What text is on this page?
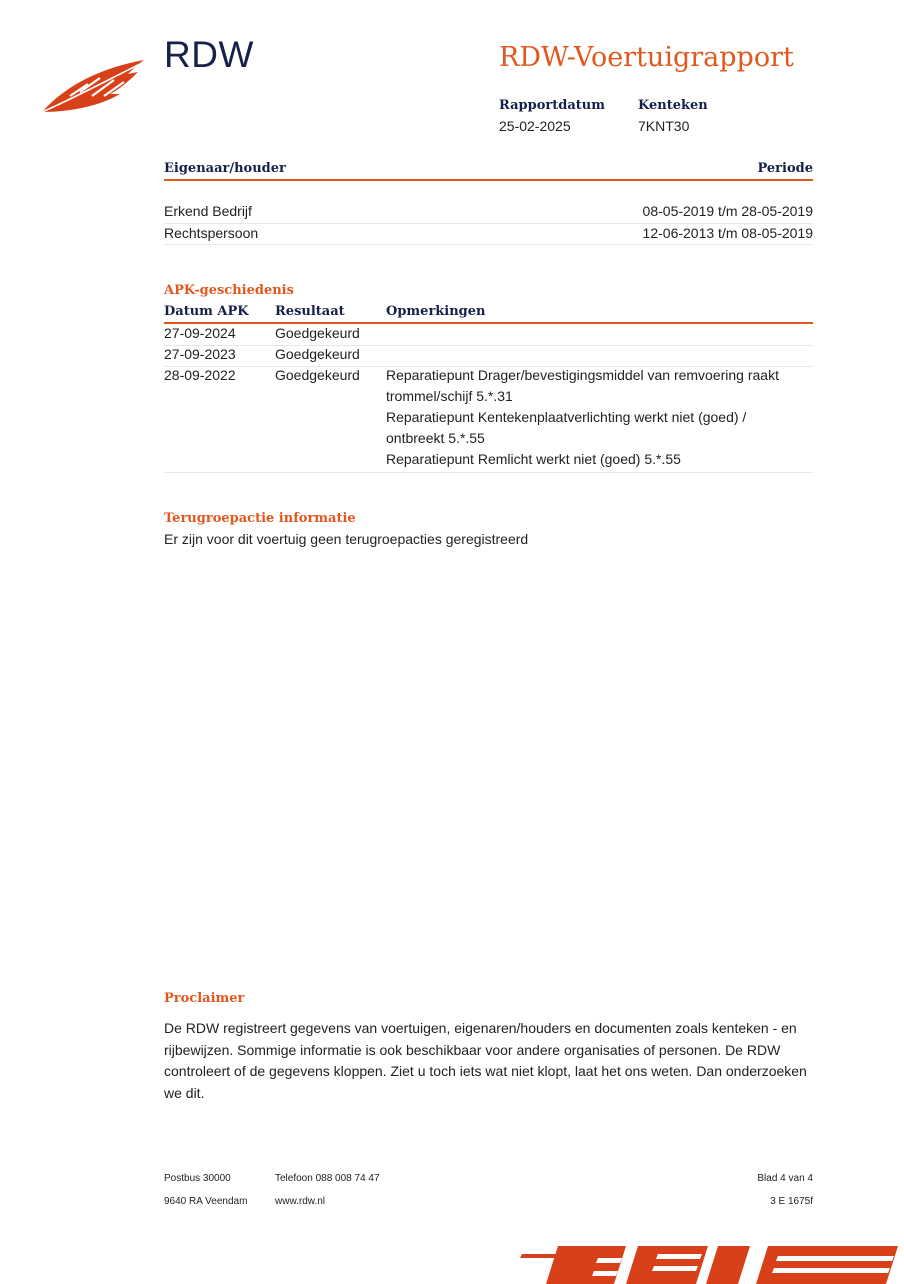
RDW	RDW-Voertuigrapport
Rapportdatum
25-02-2025
Kenteken
7KNT30
Eigenaar/houder	Periode
Erkend Bedrijf	08-05-2019 t/m 28-05-2019
Rechtspersoon	12-06-2013 t/m 08-05-2019
APK-geschiedenis
Datum APK Resultaat	Opmerkingen
27-09-2024	Goedgekeurd
27-09-2023	Goedgekeurd
28-09-2022	Goedgekeurd Reparatiepunt Drager/bevestigingsmiddel van remvoering raakt
trommel/schijf 5.*.31
Reparatiepunt Kentekenplaatverlichting werkt niet (goed) /
ontbreekt 5.*.55
Reparatiepunt Remlicht werkt niet (goed) 5.*.55
Terugroepactie informatie
Er zijn voor dit voertuig geen terugroepacties geregistreerd
Proclaimer
De RDW registreert gegevens van voertuigen, eigenaren/houders en documenten zoals kenteken - en
rijbewijzen. Sommige informatie is ook beschikbaar voor andere organisaties of personen. De RDW
controleert of de gegevens kloppen. Ziet u toch iets wat niet klopt, laat het ons weten. Dan onderzoeken
we dit.
Postbus 30000
9640 RA Veendam
Telefoon 088 008 74 47
www.rdw.nl
Blad 4 van 4
3 E 1675f
